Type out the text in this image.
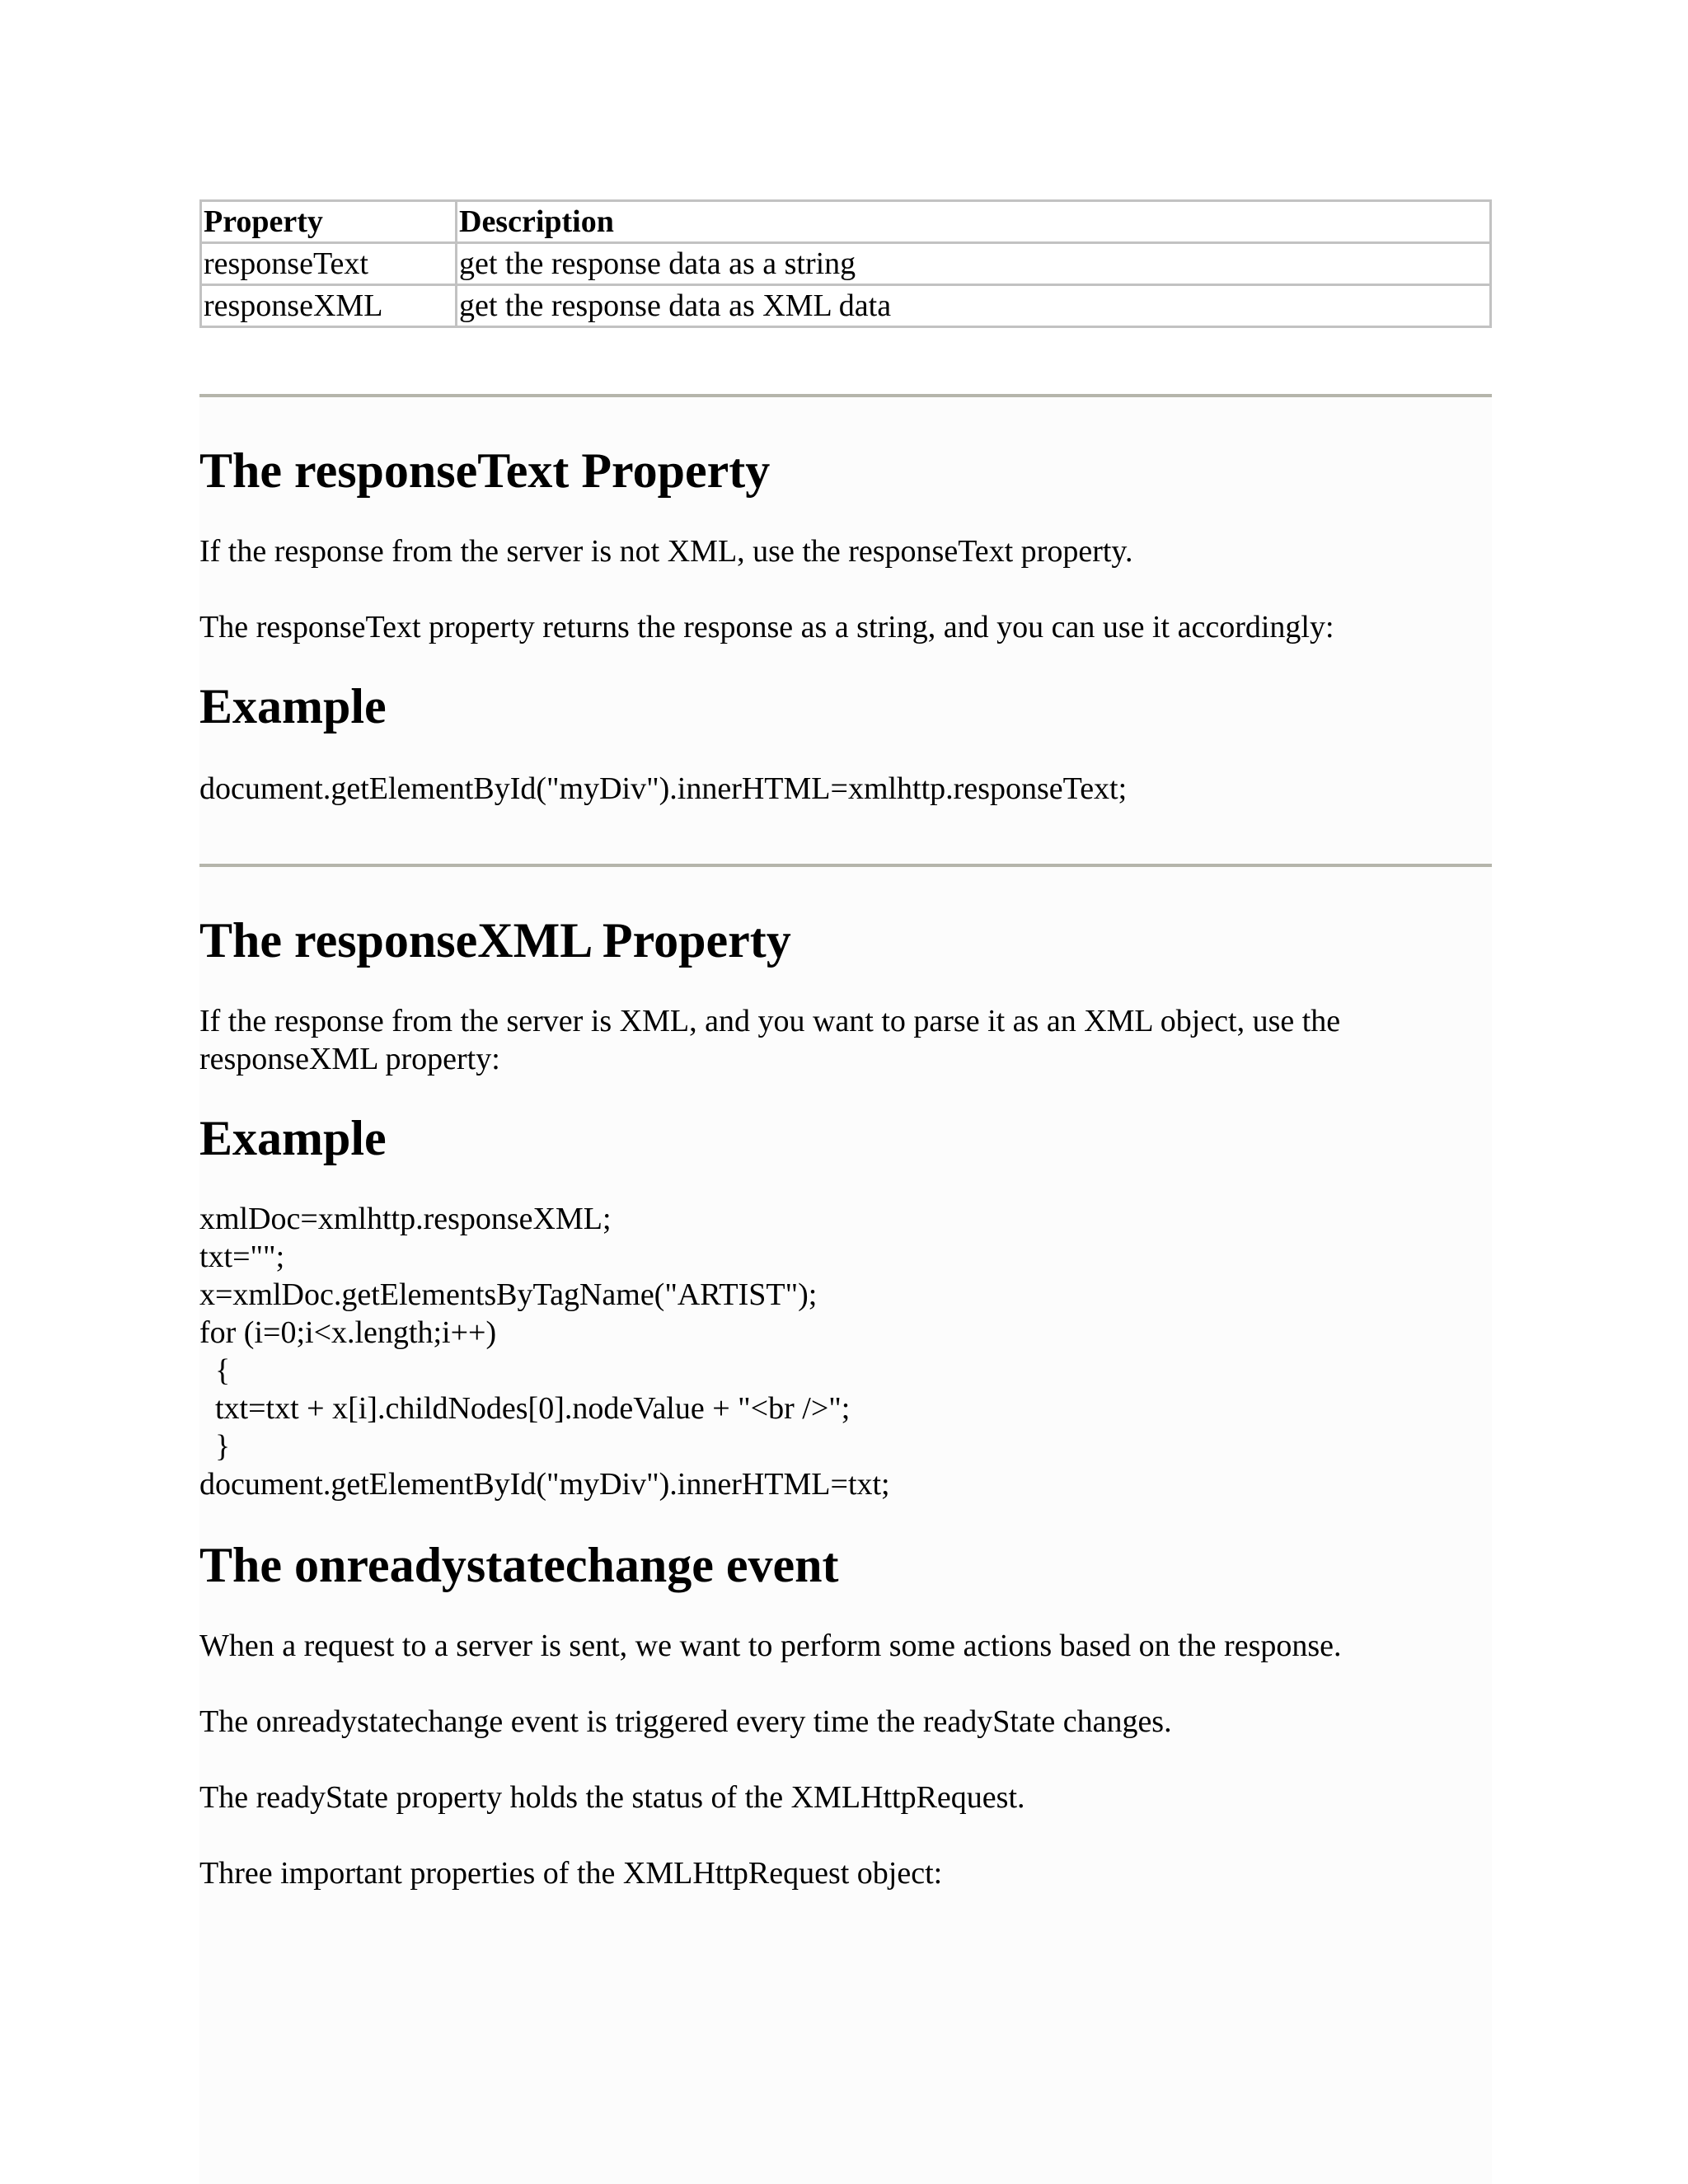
Property	Description
responseText	get the response data as a string
responseXML	get the response data as XML data
The responseText Property

If the response from the server is not XML, use the responseText property.

The responseText property returns the response as a string, and you can use it accordingly:

Example
document.getElementById("myDiv").innerHTML=xmlhttp.responseText;
The responseXML Property

If the response from the server is XML, and you want to parse it as an XML object, use the responseXML property:

Example
xmlDoc=xmlhttp.responseXML;
txt="";
x=xmlDoc.getElementsByTagName("ARTIST");
for (i=0;i<x.length;i++)
{
txt=txt + x[i].childNodes[0].nodeValue + "<br />";
}
document.getElementById("myDiv").innerHTML=txt;
The onreadystatechange event

When a request to a server is sent, we want to perform some actions based on the response.

The onreadystatechange event is triggered every time the readyState changes.

The readyState property holds the status of the XMLHttpRequest.

Three important properties of the XMLHttpRequest object:
